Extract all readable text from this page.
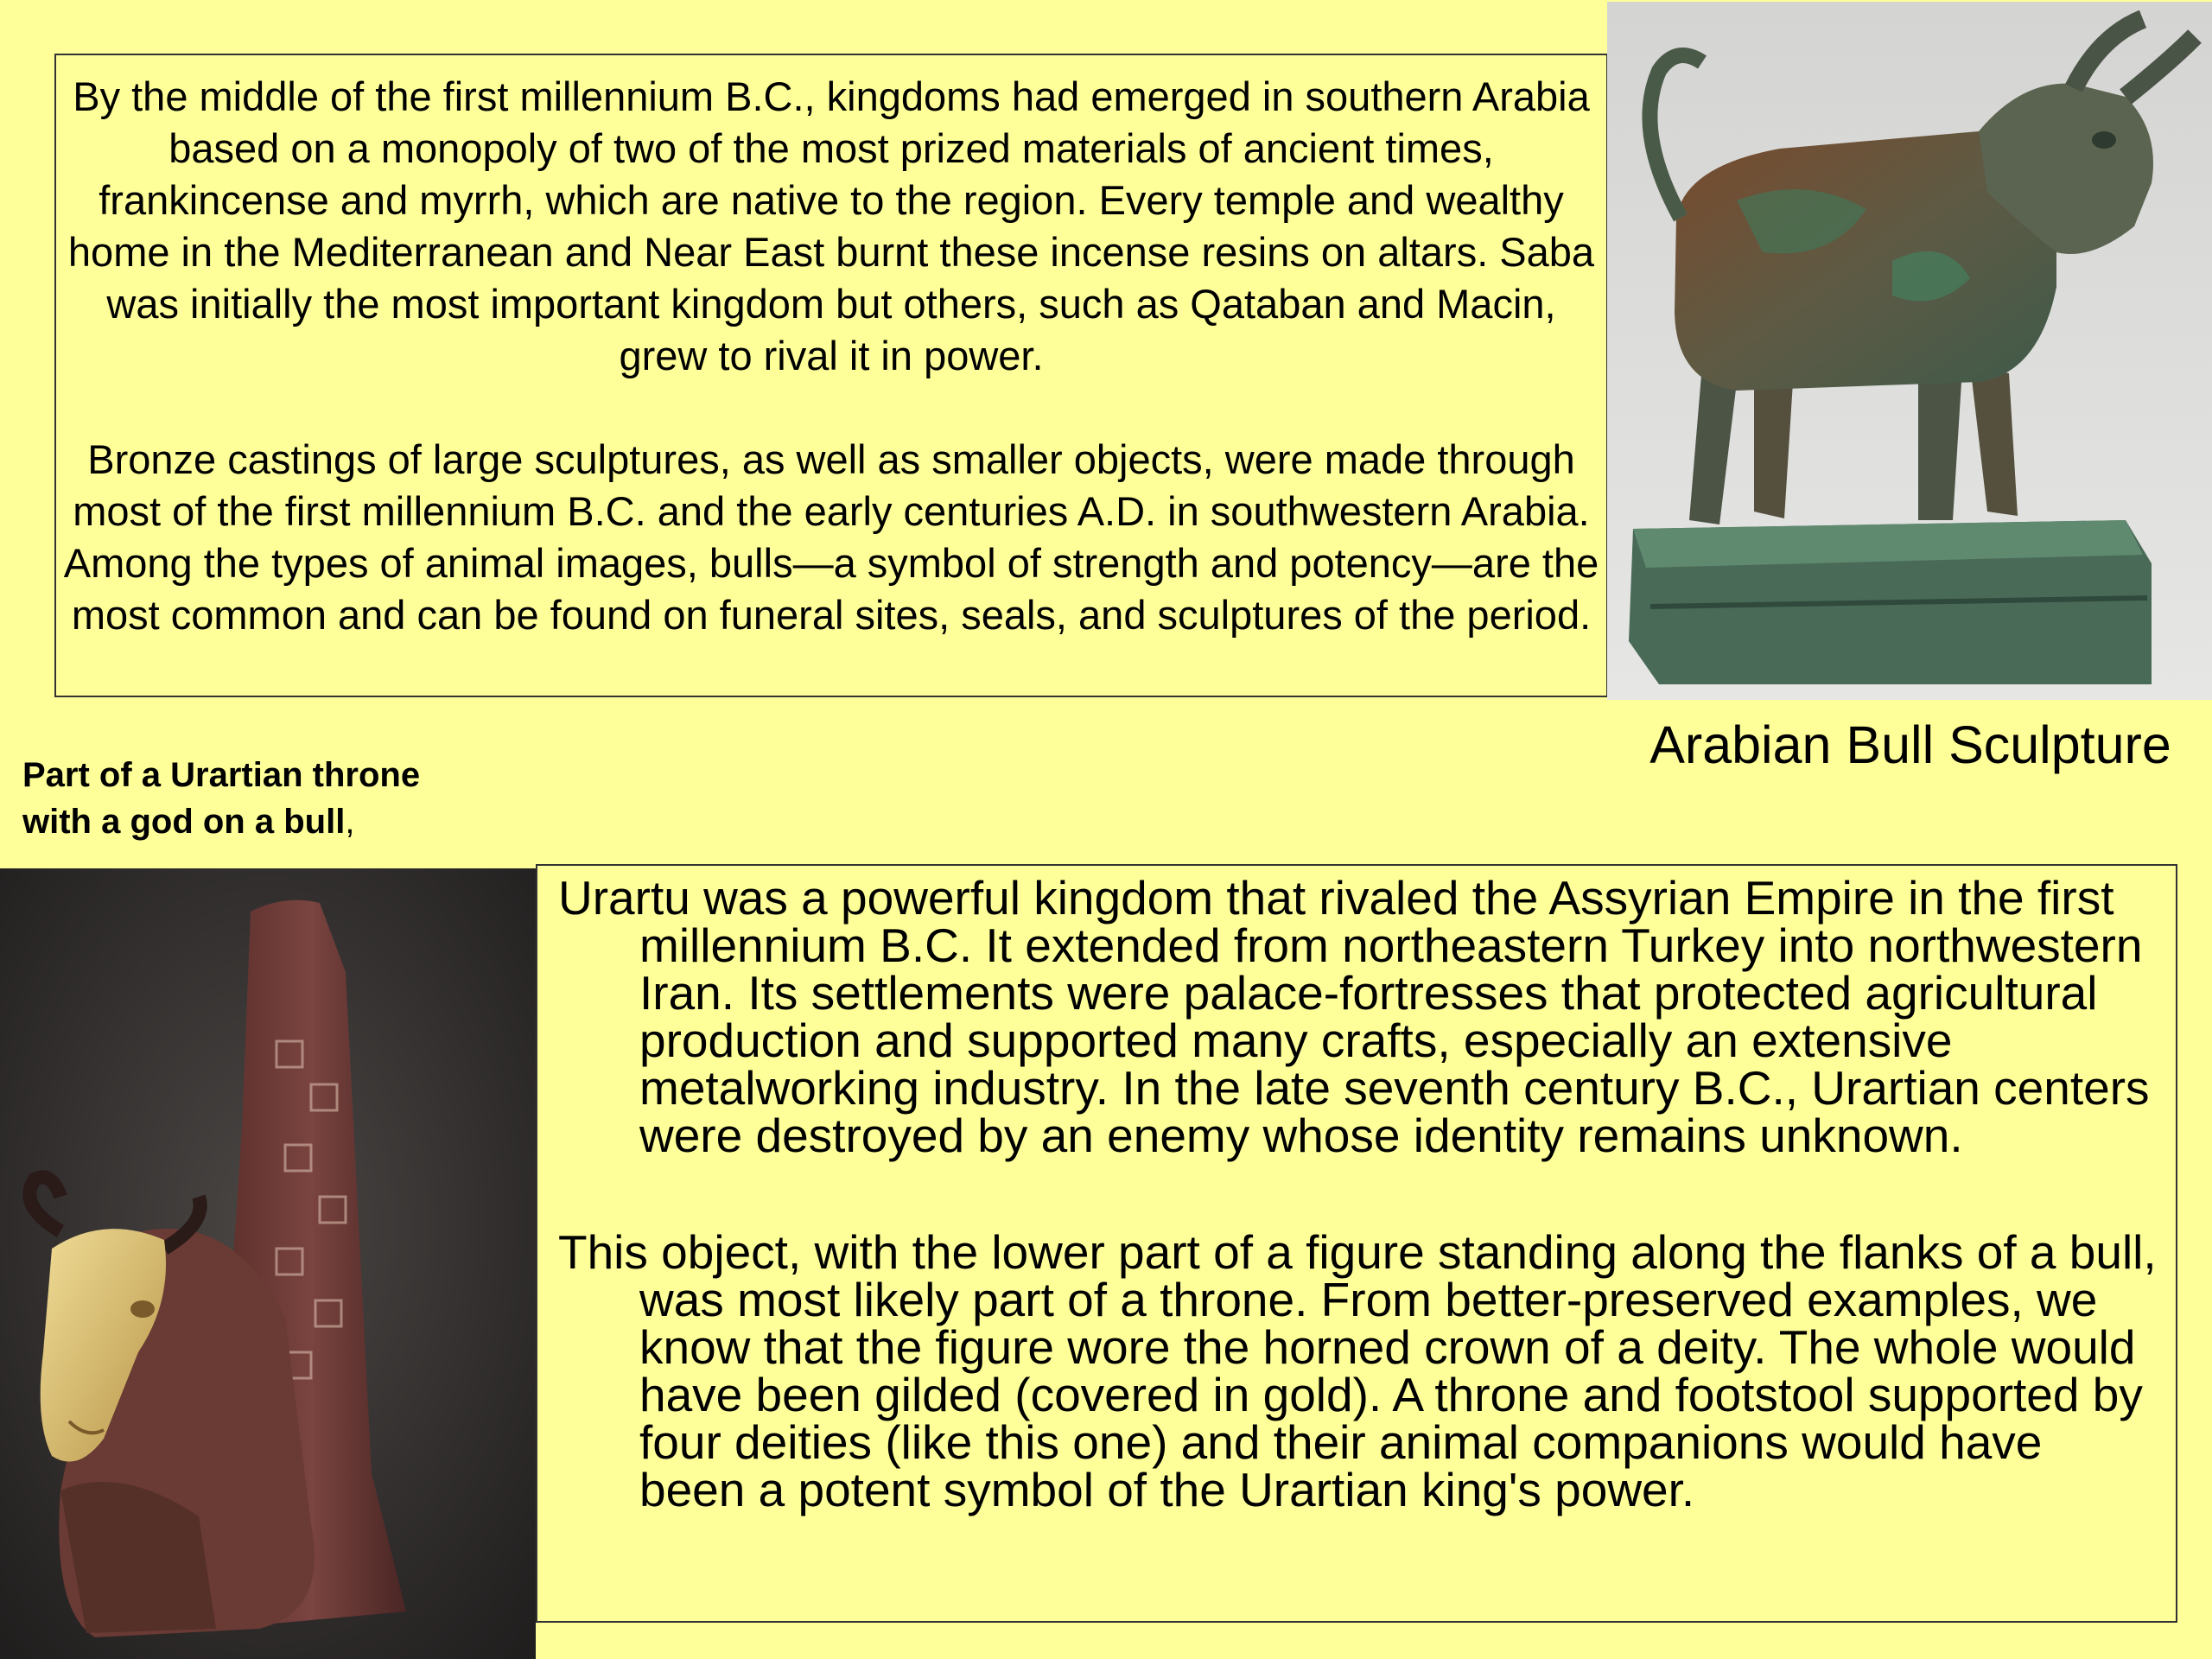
By the middle of the first millennium B.C., kingdoms had emerged in southern Arabia based on a monopoly of two of the most prized materials of ancient times, frankincense and myrrh, which are native to the region. Every temple and wealthy home in the Mediterranean and Near East burnt these incense resins on altars. Saba was initially the most important kingdom but others, such as Qataban and Macin, grew to rival it in power.

Bronze castings of large sculptures, as well as smaller objects, were made through most of the first millennium B.C. and the early centuries A.D. in southwestern Arabia. Among the types of animal images, bulls—a symbol of strength and potency—are the most common and can be found on funeral sites, seals, and sculptures of the period.

Arabian Bull Sculpture
Part of a Urartian throne
with a god on a bull,

Urartu was a powerful kingdom that rivaled the Assyrian Empire in the first millennium B.C. It extended from northeastern Turkey into northwestern Iran. Its settlements were palace-fortresses that protected agricultural production and supported many crafts, especially an extensive metalworking industry. In the late seventh century B.C., Urartian centers were destroyed by an enemy whose identity remains unknown.

This object, with the lower part of a figure standing along the flanks of a bull, was most likely part of a throne. From better-preserved examples, we know that the figure wore the horned crown of a deity. The whole would have been gilded (covered in gold). A throne and footstool supported by four deities (like this one) and their animal companions would have been a potent symbol of the Urartian king's power.
